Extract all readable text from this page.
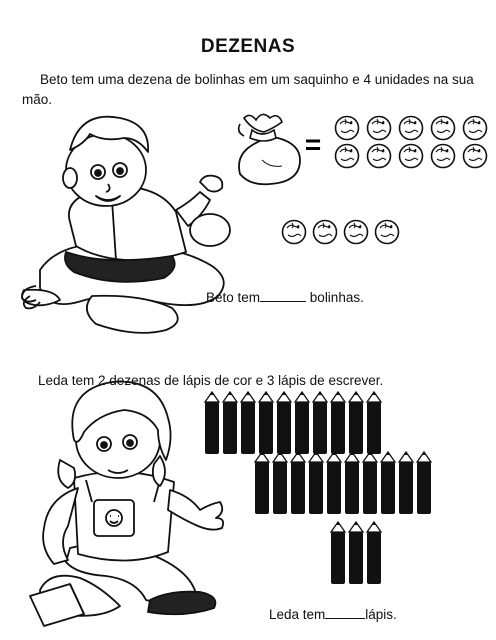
DEZENAS
Beto tem uma dezena de bolinhas em um saquinho e 4 unidades na sua mão.
=
Beto tem	bolinhas.
Leda tem 2 dezenas de lápis de cor e 3 lápis de escrever.
Leda tem	lápis.
